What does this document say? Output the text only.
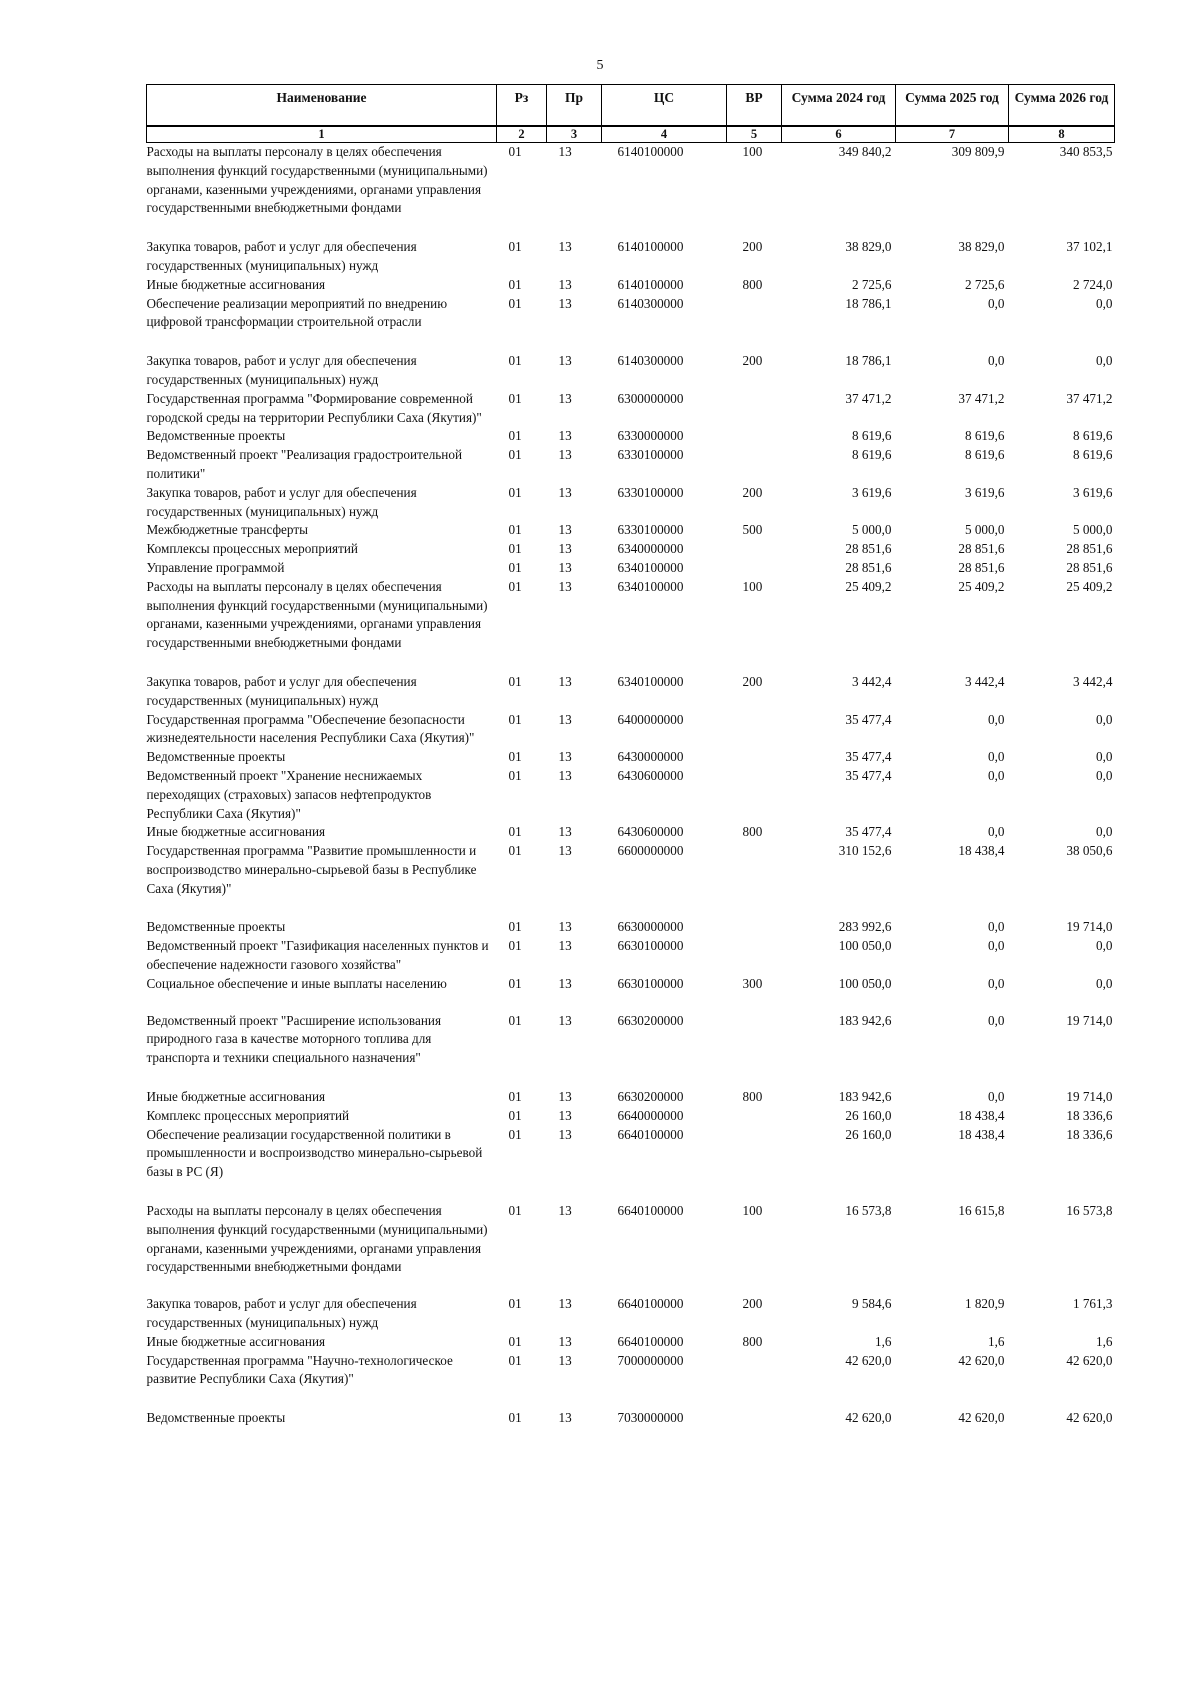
5
Наименование	Рз	Пр	ЦС	ВР	Сумма 2024 год	Сумма 2025 год	Сумма 2026 год
1	2	3	4	5	6	7	8
Расходы на выплаты персоналу в целях обеспечения выполнения функций государственными (муниципальными) органами, казенными учреждениями, органами управления государственными внебюджетными фондами	01	13	6140100000	100	349 840,2	309 809,9	340 853,5
Закупка товаров, работ и услуг для обеспечения государственных (муниципальных) нужд	01	13	6140100000	200	38 829,0	38 829,0	37 102,1
Иные бюджетные ассигнования	01	13	6140100000	800	2 725,6	2 725,6	2 724,0
Обеспечение реализации мероприятий по внедрению цифровой трансформации строительной отрасли	01	13	6140300000		18 786,1	0,0	0,0
Закупка товаров, работ и услуг для обеспечения государственных (муниципальных) нужд	01	13	6140300000	200	18 786,1	0,0	0,0
Государственная программа "Формирование современной городской среды на территории Республики Саха (Якутия)"	01	13	6300000000		37 471,2	37 471,2	37 471,2
Ведомственные проекты	01	13	6330000000		8 619,6	8 619,6	8 619,6
Ведомственный проект "Реализация градостроительной политики"	01	13	6330100000		8 619,6	8 619,6	8 619,6
Закупка товаров, работ и услуг для обеспечения государственных (муниципальных) нужд	01	13	6330100000	200	3 619,6	3 619,6	3 619,6
Межбюджетные трансферты	01	13	6330100000	500	5 000,0	5 000,0	5 000,0
Комплексы процессных мероприятий	01	13	6340000000		28 851,6	28 851,6	28 851,6
Управление программой	01	13	6340100000		28 851,6	28 851,6	28 851,6
Расходы на выплаты персоналу в целях обеспечения выполнения функций государственными (муниципальными) органами, казенными учреждениями, органами управления государственными внебюджетными фондами	01	13	6340100000	100	25 409,2	25 409,2	25 409,2
Закупка товаров, работ и услуг для обеспечения государственных (муниципальных) нужд	01	13	6340100000	200	3 442,4	3 442,4	3 442,4
Государственная программа "Обеспечение безопасности жизнедеятельности населения Республики Саха (Якутия)"	01	13	6400000000		35 477,4	0,0	0,0
Ведомственные проекты	01	13	6430000000		35 477,4	0,0	0,0
Ведомственный проект "Хранение неснижаемых переходящих (страховых) запасов нефтепродуктов Республики Саха (Якутия)"	01	13	6430600000		35 477,4	0,0	0,0
Иные бюджетные ассигнования	01	13	6430600000	800	35 477,4	0,0	0,0
Государственная программа "Развитие промышленности и воспроизводство минерально-сырьевой базы в Республике Саха (Якутия)"	01	13	6600000000		310 152,6	18 438,4	38 050,6
Ведомственные проекты	01	13	6630000000		283 992,6	0,0	19 714,0
Ведомственный проект "Газификация населенных пунктов и обеспечение надежности газового хозяйства"	01	13	6630100000		100 050,0	0,0	0,0
Социальное обеспечение и иные выплаты населению	01	13	6630100000	300	100 050,0	0,0	0,0
Ведомственный проект "Расширение использования природного газа в качестве моторного топлива для транспорта и техники специального назначения"	01	13	6630200000		183 942,6	0,0	19 714,0
Иные бюджетные ассигнования	01	13	6630200000	800	183 942,6	0,0	19 714,0
Комплекс процессных мероприятий	01	13	6640000000		26 160,0	18 438,4	18 336,6
Обеспечение реализации государственной политики в промышленности и воспроизводство минерально-сырьевой базы в РС (Я)	01	13	6640100000		26 160,0	18 438,4	18 336,6
Расходы на выплаты персоналу в целях обеспечения выполнения функций государственными (муниципальными) органами, казенными учреждениями, органами управления государственными внебюджетными фондами	01	13	6640100000	100	16 573,8	16 615,8	16 573,8
Закупка товаров, работ и услуг для обеспечения государственных (муниципальных) нужд	01	13	6640100000	200	9 584,6	1 820,9	1 761,3
Иные бюджетные ассигнования	01	13	6640100000	800	1,6	1,6	1,6
Государственная программа "Научно-технологическое развитие Республики Саха (Якутия)"	01	13	7000000000		42 620,0	42 620,0	42 620,0
Ведомственные проекты	01	13	7030000000		42 620,0	42 620,0	42 620,0
